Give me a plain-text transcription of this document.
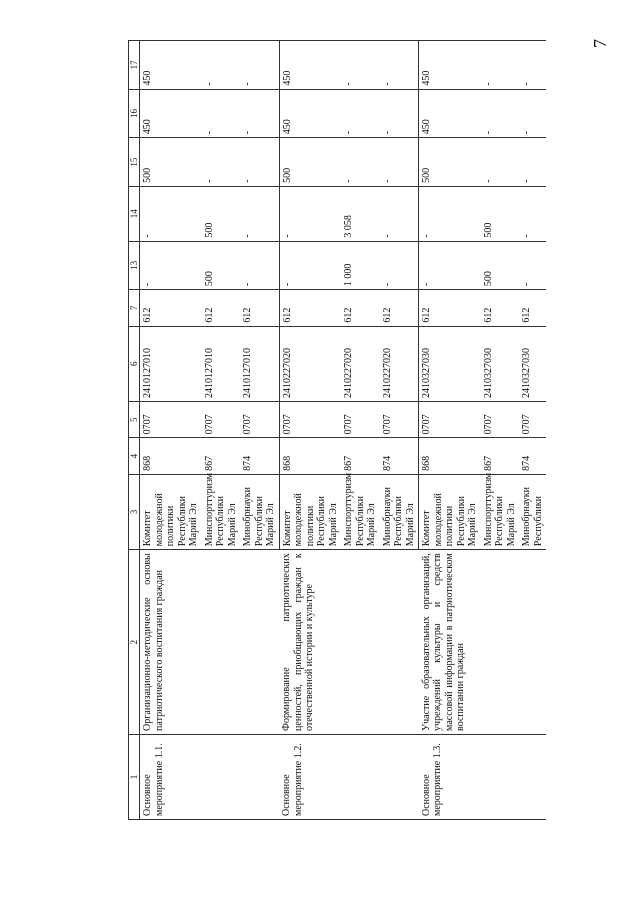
7
1	2	3	4	5	6	7	13	14	15	16	17
Основное мероприятие 1.1.	Организационно-методические основы патриотического воспитания граждан	Комитет молодежной политики Республики Марий Эл	868	0707	2410127010	612	-	-	500	450	450
		Минспорттуризм Республики Марий Эл	867	0707	2410127010	612	500	500	-	-	-
		Минобрнауки Республики Марий Эл	874	0707	2410127010	612	-	-	-	-	-
Основное мероприятие 1.2.	Формирование патриотических ценностей, приобщающих граждан к отечественной истории и культуре	Комитет молодежной политики Республики Марий Эл	868	0707	2410227020	612	-	-	500	450	450
		Минспорттуризм Республики Марий Эл	867	0707	2410227020	612	1 000	3 058	-	-	-
		Минобрнауки Республики Марий Эл	874	0707	2410227020	612	-	-	-	-	-
Основное мероприятие 1.3.	Участие образовательных организаций, учреждений культуры и средств массовой информации в патриотическом воспитании граждан	Комитет молодежной политики Республики Марий Эл	868	0707	2410327030	612	-	-	500	450	450
		Минспорттуризм Республики Марий Эл	867	0707	2410327030	612	500	500	-	-	-
		Минобрнауки Республики	874	0707	2410327030	612	-	-	-	-	-
